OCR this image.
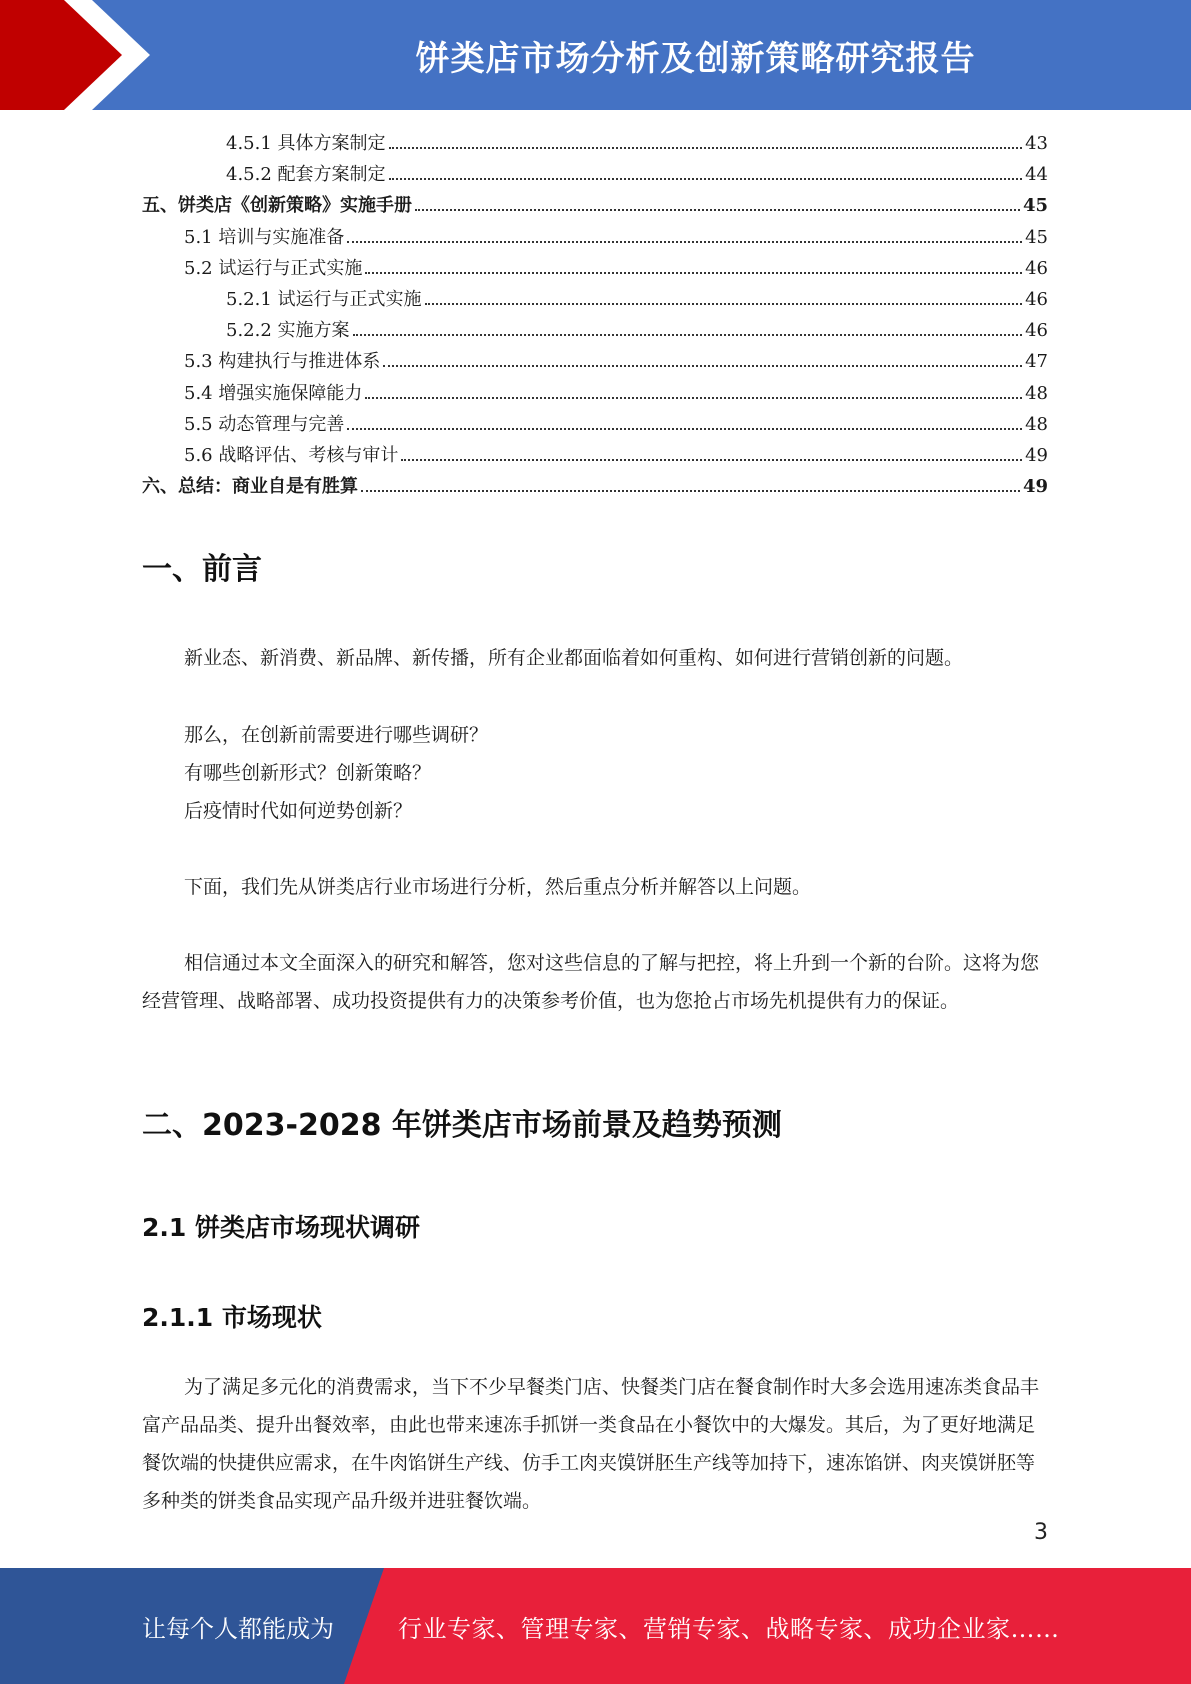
饼类店市场分析及创新策略研究报告
4.5.1 具体方案制定	43
4.5.2 配套方案制定	44
五、饼类店《创新策略》实施手册	45
5.1 培训与实施准备	45
5.2 试运行与正式实施	46
5.2.1 试运行与正式实施	46
5.2.2 实施方案	46
5.3 构建执行与推进体系	47
5.4 增强实施保障能力	48
5.5 动态管理与完善	48
5.6 战略评估、考核与审计	49
六、总结：商业自是有胜算	49
一、前言

新业态、新消费、新品牌、新传播，所有企业都面临着如何重构、如何进行营销创新的问题。

那么，在创新前需要进行哪些调研？

有哪些创新形式？创新策略？

后疫情时代如何逆势创新？

下面，我们先从饼类店行业市场进行分析，然后重点分析并解答以上问题。

相信通过本文全面深入的研究和解答，您对这些信息的了解与把控，将上升到一个新的台阶。这将为您经营管理、战略部署、成功投资提供有力的决策参考价值，也为您抢占市场先机提供有力的保证。

二、2023-2028 年饼类店市场前景及趋势预测
2.1 饼类店市场现状调研
2.1.1 市场现状

为了满足多元化的消费需求，当下不少早餐类门店、快餐类门店在餐食制作时大多会选用速冻类食品丰富产品品类、提升出餐效率，由此也带来速冻手抓饼一类食品在小餐饮中的大爆发。其后，为了更好地满足餐饮端的快捷供应需求，在牛肉馅饼生产线、仿手工肉夹馍饼胚生产线等加持下，速冻馅饼、肉夹馍饼胚等多种类的饼类食品实现产品升级并进驻餐饮端。

3
让每个人都能成为	行业专家、管理专家、营销专家、战略专家、成功企业家……
